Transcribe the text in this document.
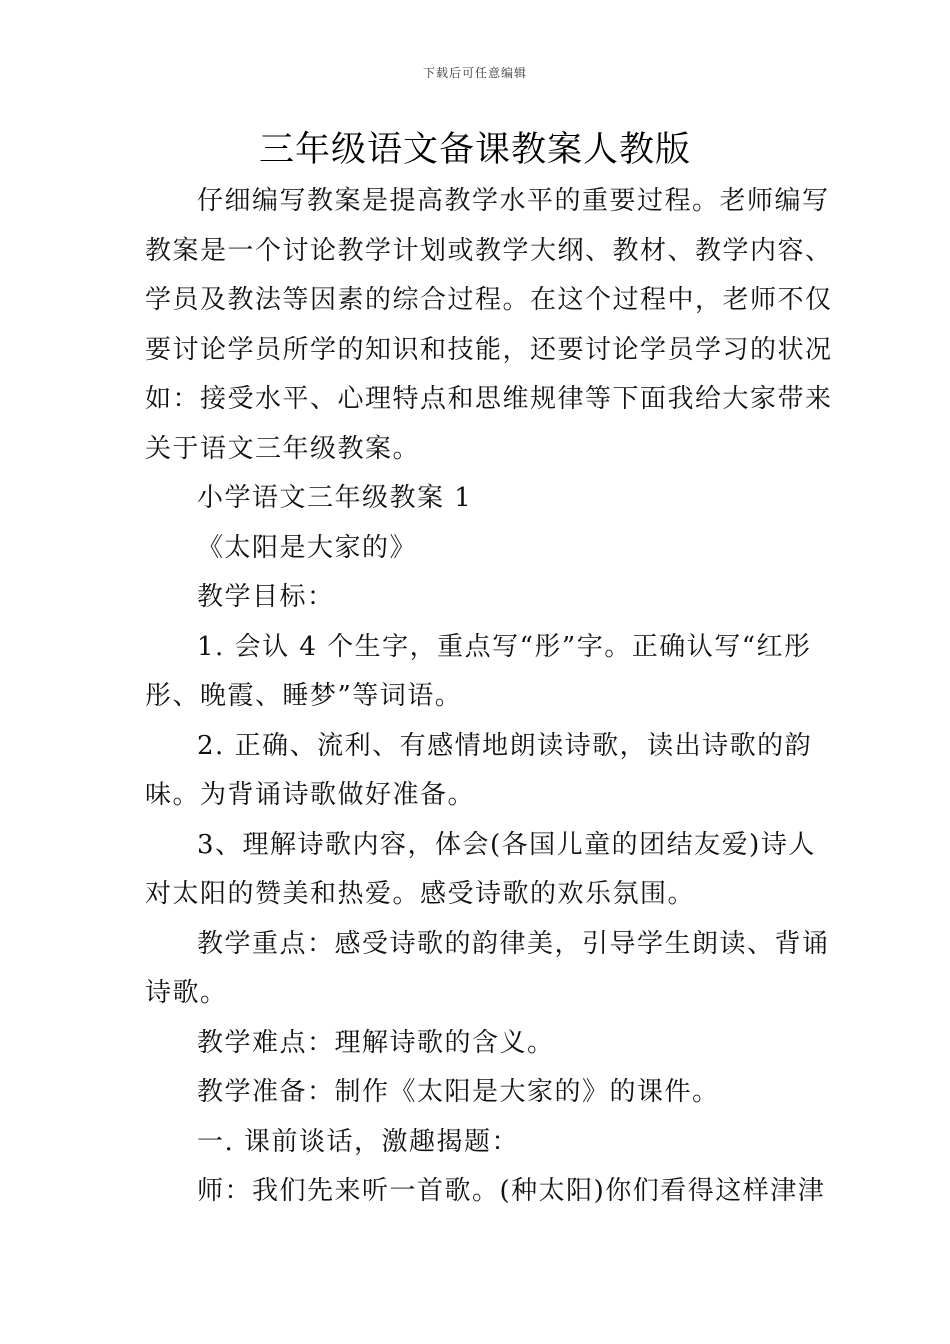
下载后可任意编辑
三年级语文备课教案人教版

仔细编写教案是提高教学水平的重要过程。老师编写教案是一个讨论教学计划或教学大纲、教材、教学内容、学员及教法等因素的综合过程。在这个过程中，老师不仅要讨论学员所学的知识和技能，还要讨论学员学习的状况如：接受水平、心理特点和思维规律等下面我给大家带来关于语文三年级教案。

小学语文三年级教案 1

《太阳是大家的》

教学目标：

1. 会认 4 个生字，重点写“彤”字。正确认写“红彤彤、晚霞、睡梦”等词语。

2. 正确、流利、有感情地朗读诗歌，读出诗歌的韵味。为背诵诗歌做好准备。

3、理解诗歌内容，体会(各国儿童的团结友爱)诗人对太阳的赞美和热爱。感受诗歌的欢乐氛围。

教学重点：感受诗歌的韵律美，引导学生朗读、背诵诗歌。

教学难点：理解诗歌的含义。

教学准备：制作《太阳是大家的》的课件。

一. 课前谈话，激趣揭题：

师：我们先来听一首歌。(种太阳)你们看得这样津津
